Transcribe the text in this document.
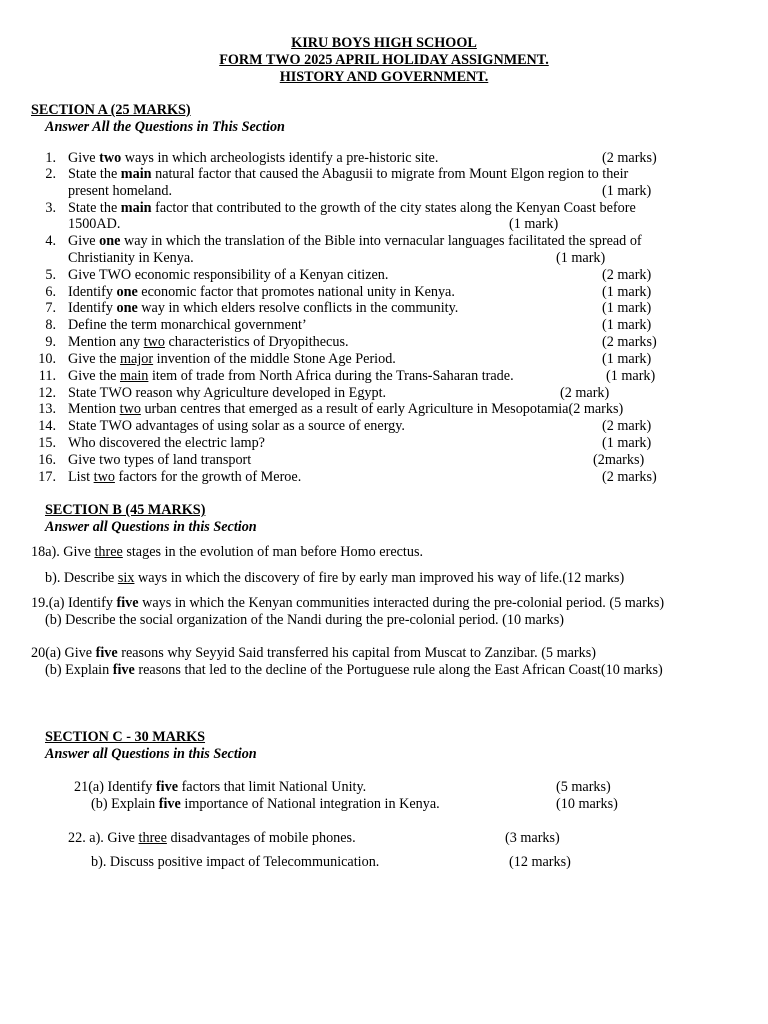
KIRU BOYS HIGH SCHOOL
FORM TWO 2025 APRIL HOLIDAY ASSIGNMENT.
HISTORY AND GOVERNMENT.
SECTION A (25 MARKS)
Answer All the Questions in This Section
1. Give two ways in which archeologists identify a pre-historic site.	(2 marks)
2. State the main natural factor that caused the Abagusii to migrate from Mount Elgon region to their
present homeland.	(1 mark)
3. State the main factor that contributed to the growth of the city states along the Kenyan Coast before
1500AD.	(1 mark)
4. Give one way in which the translation of the Bible into vernacular languages facilitated the spread of
Christianity in Kenya.	(1 mark)
5. Give TWO economic responsibility of a Kenyan citizen.	(2 mark)
6. Identify one economic factor that promotes national unity in Kenya.	(1 mark)
7. Identify one way in which elders resolve conflicts in the community.	(1 mark)
8. Define the term monarchical government’	(1 mark)
9. Mention any two characteristics of Dryopithecus.	(2 marks)
10. Give the major invention of the middle Stone Age Period.	(1 mark)
11. Give the main item of trade from North Africa during the Trans-Saharan trade.	(1 mark)
12. State TWO reason why Agriculture developed in Egypt.	(2 mark)
13. Mention two urban centres that emerged as a result of early Agriculture in Mesopotamia(2 marks)
14. State TWO advantages of using solar as a source of energy.	(2 mark)
15. Who discovered the electric lamp?	(1 mark)
16. Give two types of land transport	(2marks)
17. List two factors for the growth of Meroe.	(2 marks)
SECTION B (45 MARKS)
Answer all Questions in this Section
18a). Give three stages in the evolution of man before Homo erectus.
b). Describe six ways in which the discovery of fire by early man improved his way of life.(12 marks)
19.(a) Identify five ways in which the Kenyan communities interacted during the pre-colonial period. (5 marks)
(b) Describe the social organization of the Nandi during the pre-colonial period. (10 marks)
20(a) Give five reasons why Seyyid Said transferred his capital from Muscat to Zanzibar. (5 marks)
(b) Explain five reasons that led to the decline of the Portuguese rule along the East African Coast(10 marks)
SECTION C - 30 MARKS
Answer all Questions in this Section
21(a) Identify five factors that limit National Unity.	(5 marks)
(b) Explain five importance of National integration in Kenya.	(10 marks)
22. a). Give three disadvantages of mobile phones.	(3 marks)
b). Discuss positive impact of Telecommunication.	(12 marks)
